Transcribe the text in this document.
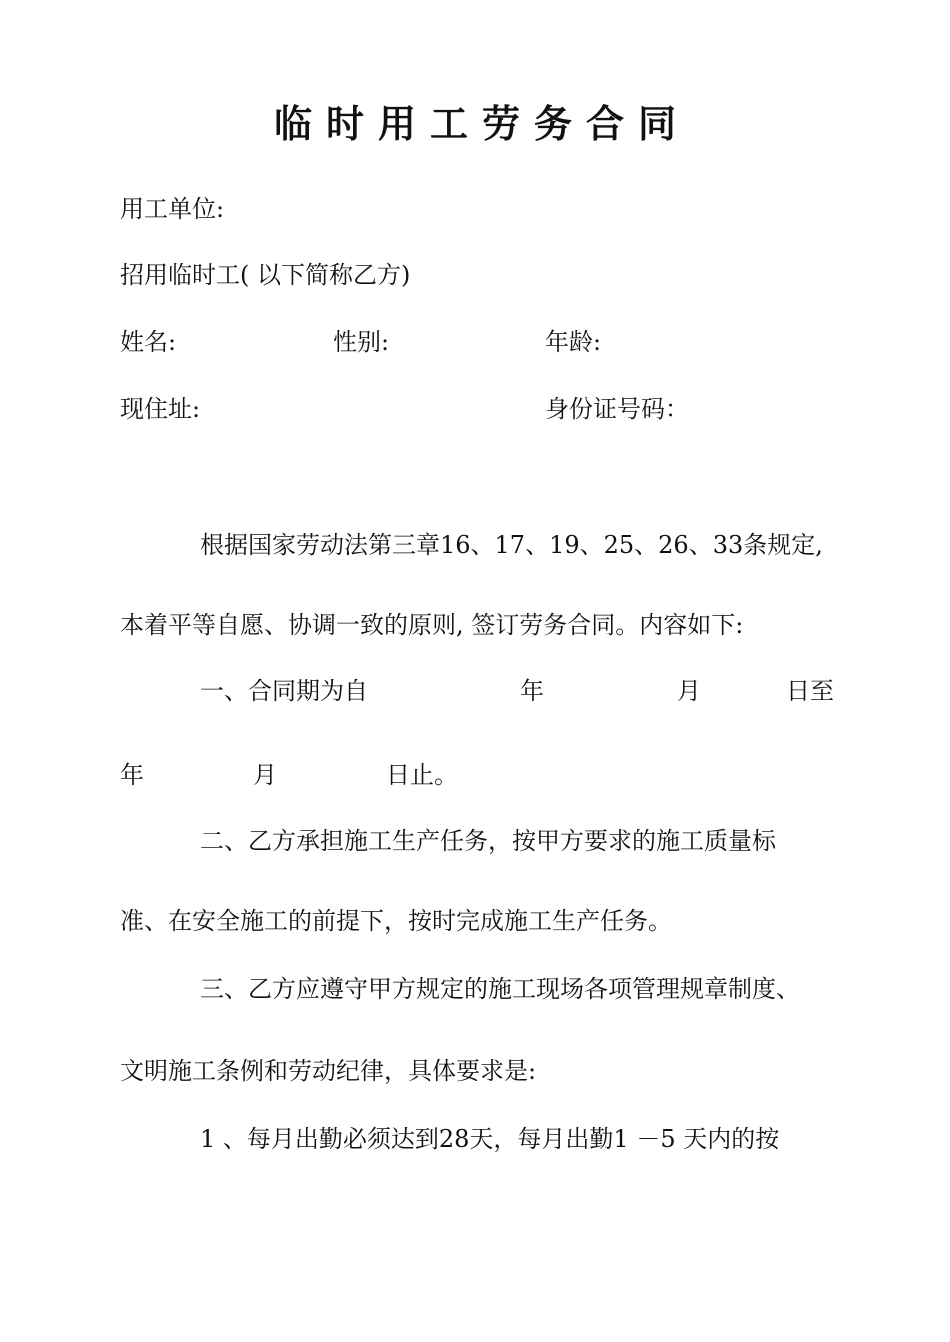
临时用工劳务合同
用工单位:
招用临时工( 以下简称乙方)
姓名:	性别:	年龄:
现住址:	身份证号码：
根据国家劳动法第三章16、17、19、25、26、33条规定,
本着平等自愿、协调一致的原则, 签订劳务合同。内容如下:
一、合同期为自	年	月	日至
年	月	日止。
二、乙方承担施工生产任务，按甲方要求的施工质量标
准、在安全施工的前提下，按时完成施工生产任务。
三、乙方应遵守甲方规定的施工现场各项管理规章制度、
文明施工条例和劳动纪律，具体要求是:
1 、每月出勤必须达到28天，每月出勤1 －5 天内的按
